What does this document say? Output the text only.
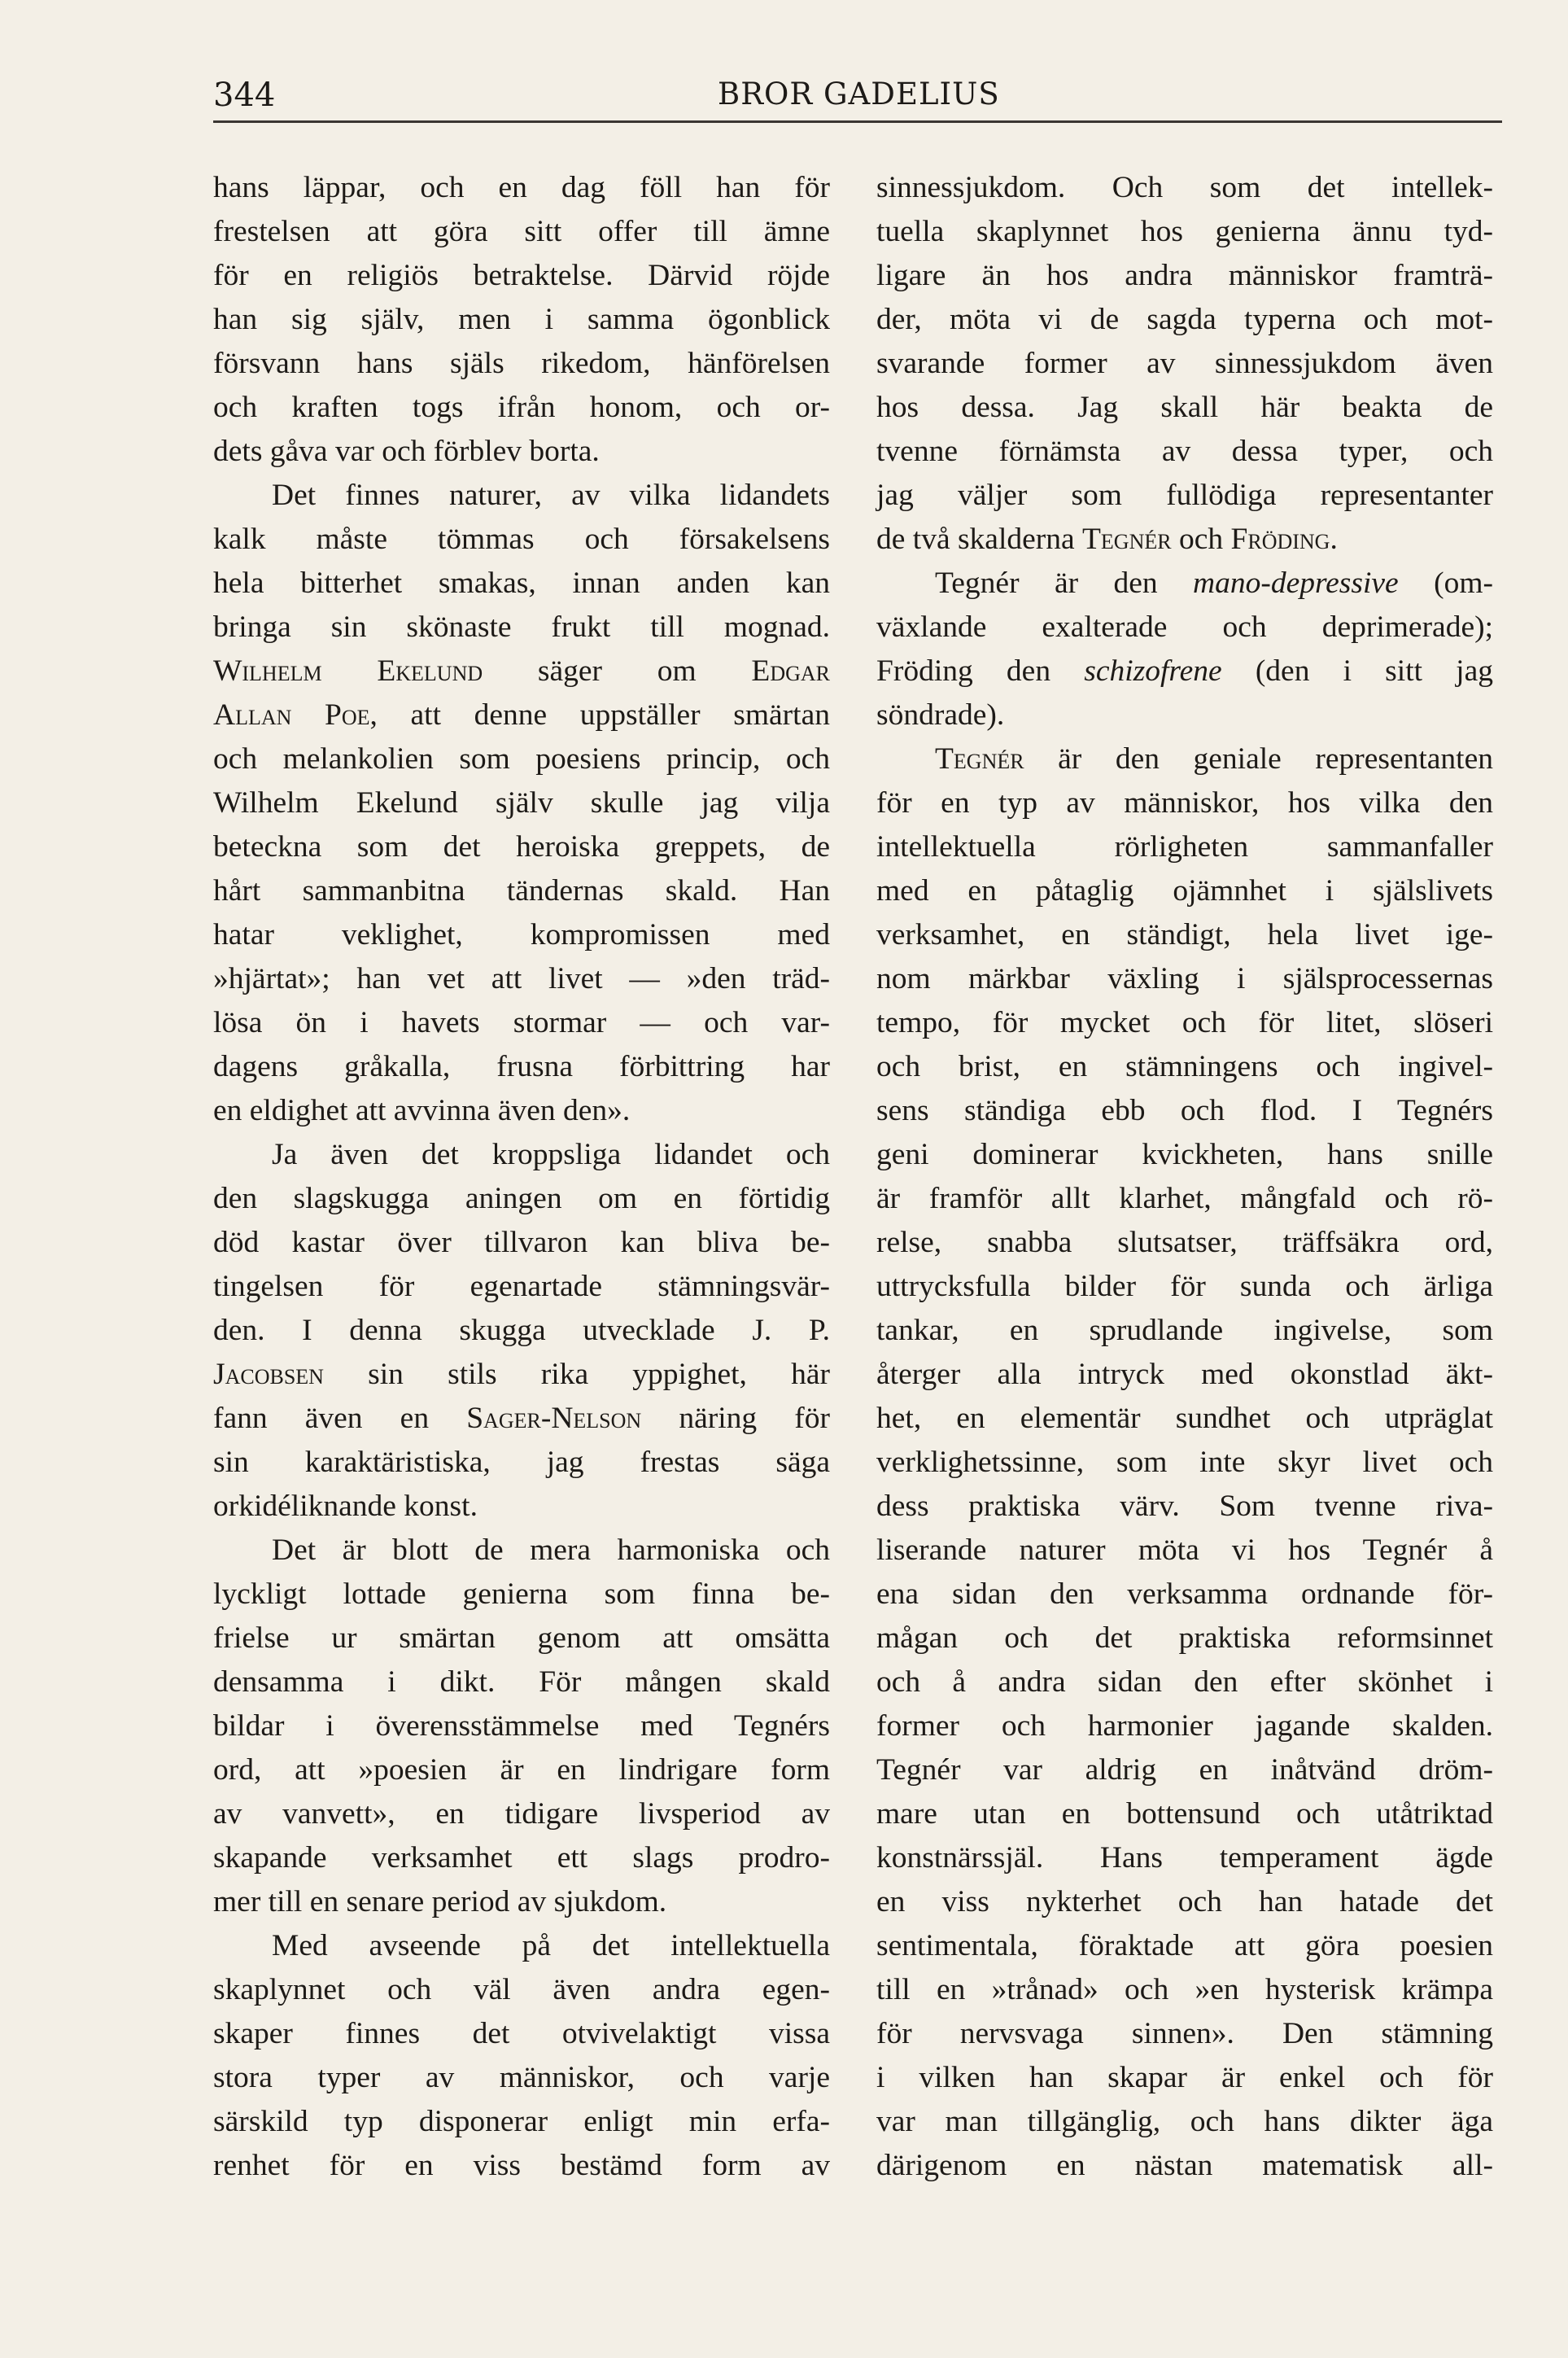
344	BROR GADELIUS
hans läppar, och en dag föll han för
frestelsen att göra sitt offer till ämne
för en religiös betraktelse. Därvid röjde
han sig själv, men i samma ögonblick
försvann hans själs rikedom, hänförelsen
och kraften togs ifrån honom, och or-
dets gåva var och förblev borta.
Det finnes naturer, av vilka lidandets
kalk måste tömmas och försakelsens
hela bitterhet smakas, innan anden kan
bringa sin skönaste frukt till mognad.
Wilhelm Ekelund säger om Edgar
Allan Poe, att denne uppställer smärtan
och melankolien som poesiens princip, och
Wilhelm Ekelund själv skulle jag vilja
beteckna som det heroiska greppets, de
hårt sammanbitna tändernas skald. Han
hatar veklighet, kompromissen med
»hjärtat»; han vet att livet — »den träd-
lösa ön i havets stormar — och var-
dagens gråkalla, frusna förbittring har
en eldighet att avvinna även den».
Ja även det kroppsliga lidandet och
den slagskugga aningen om en förtidig
död kastar över tillvaron kan bliva be-
tingelsen för egenartade stämningsvär-
den. I denna skugga utvecklade J. P.
Jacobsen sin stils rika yppighet, här
fann även en Sager-Nelson näring för
sin karaktäristiska, jag frestas säga
orkidéliknande konst.
Det är blott de mera harmoniska och
lyckligt lottade genierna som finna be-
frielse ur smärtan genom att omsätta
densamma i dikt. För mången skald
bildar i överensstämmelse med Tegnérs
ord, att »poesien är en lindrigare form
av vanvett», en tidigare livsperiod av
skapande verksamhet ett slags prodro-
mer till en senare period av sjukdom.
Med avseende på det intellektuella
skaplynnet och väl även andra egen-
skaper finnes det otvivelaktigt vissa
stora typer av människor, och varje
särskild typ disponerar enligt min erfa-
renhet för en viss bestämd form av
sinnessjukdom. Och som det intellek-
tuella skaplynnet hos genierna ännu tyd-
ligare än hos andra människor framträ-
der, möta vi de sagda typerna och mot-
svarande former av sinnessjukdom även
hos dessa. Jag skall här beakta de
tvenne förnämsta av dessa typer, och
jag väljer som fullödiga representanter
de två skalderna Tegnér och Fröding.
Tegnér är den mano-depressive (om-
växlande exalterade och deprimerade);
Fröding den schizofrene (den i sitt jag
söndrade).
Tegnér är den geniale representanten
för en typ av människor, hos vilka den
intellektuella rörligheten sammanfaller
med en påtaglig ojämnhet i själslivets
verksamhet, en ständigt, hela livet ige-
nom märkbar växling i själsprocessernas
tempo, för mycket och för litet, slöseri
och brist, en stämningens och ingivel-
sens ständiga ebb och flod. I Tegnérs
geni dominerar kvickheten, hans snille
är framför allt klarhet, mångfald och rö-
relse, snabba slutsatser, träffsäkra ord,
uttrycksfulla bilder för sunda och ärliga
tankar, en sprudlande ingivelse, som
återger alla intryck med okonstlad äkt-
het, en elementär sundhet och utpräglat
verklighetssinne, som inte skyr livet och
dess praktiska värv. Som tvenne riva-
liserande naturer möta vi hos Tegnér å
ena sidan den verksamma ordnande för-
mågan och det praktiska reformsinnet
och å andra sidan den efter skönhet i
former och harmonier jagande skalden.
Tegnér var aldrig en inåtvänd dröm-
mare utan en bottensund och utåtriktad
konstnärssjäl. Hans temperament ägde
en viss nykterhet och han hatade det
sentimentala, föraktade att göra poesien
till en »trånad» och »en hysterisk krämpa
för nervsvaga sinnen». Den stämning
i vilken han skapar är enkel och för
var man tillgänglig, och hans dikter äga
därigenom en nästan matematisk all-
